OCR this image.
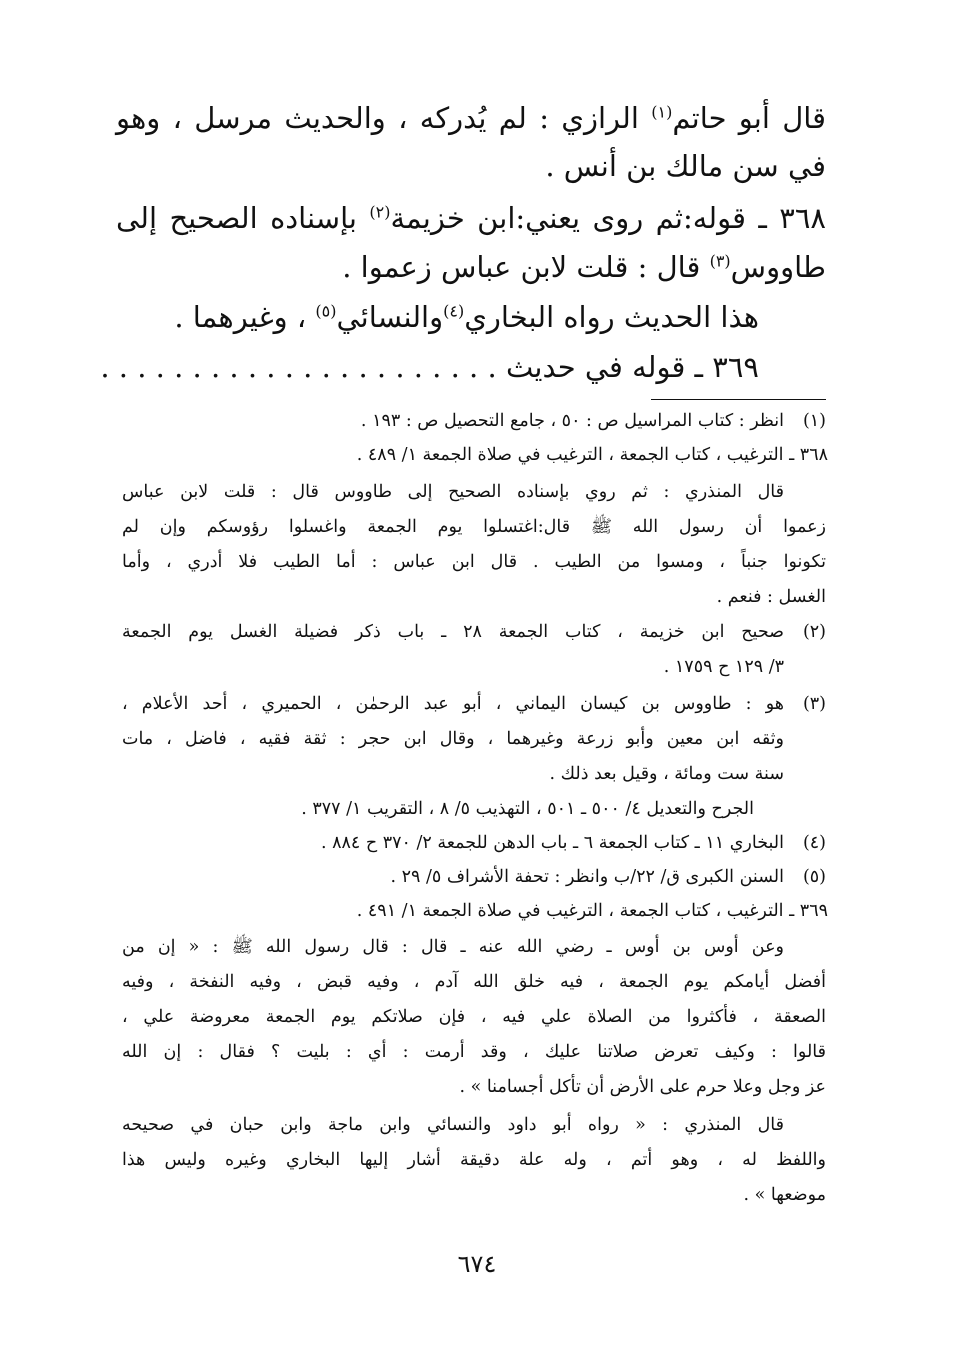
قال أبو حاتم$^{(١)}$ الرازي : لم يُدركه ، والحديث مرسل ، وهو
في سن مالك بن أنس .
٣٦٨ ـ قوله:ثم روى يعني:ابن خزيمة$^{(٢)}$ بإسناده الصحيح إلى
طاووس$^{(٣)}$ قال : قلت لابن عباس زعموا .
هذا الحديث رواه البخاري$^{(٤)}$والنسائي$^{(٥)}$ ، وغيرهما .
٣٦٩ ـ قوله في حديث . . . . . . . . . . . . . . . . . . . . . .
(١)انظر : كتاب المراسيل ص : ٥٠ ، جامع التحصيل ص : ١٩٣ .
٣٦٨ ـ الترغيب ، كتاب الجمعة ، الترغيب في صلاة الجمعة ١/ ٤٨٩ .
قال المنذري : ثم روي بإسناده الصحيح إلى طاووس قال : قلت لابن عباس
زعموا أن رسول الله ﷺ قال:اغتسلوا يوم الجمعة واغسلوا رؤوسكم وإن لم
تكونوا جنباً ، ومسوا من الطيب . قال ابن عباس : أما الطيب فلا أدري ، وأما
الغسل : فنعم .
(٢)صحيح ابن خزيمة ، كتاب الجمعة ٢٨ ـ باب ذكر فضيلة الغسل يوم الجمعة
٣/ ١٢٩ ح ١٧٥٩ .
(٣)هو : طاووس بن كيسان اليماني ، أبو عبد الرحمٰن ، الحميري ، أحد الأعلام ،
وثقه ابن معين وأبو زرعة وغيرهما ، وقال ابن حجر : ثقة فقيه ، فاضل ، مات
سنة ست ومائة ، وقيل بعد ذلك .
الجرح والتعديل ٤/ ٥٠٠ ـ ٥٠١ ، التهذيب ٥/ ٨ ، التقريب ١/ ٣٧٧ .
(٤)البخاري ١١ ـ كتاب الجمعة ٦ ـ باب الدهن للجمعة ٢/ ٣٧٠ ح ٨٨٤ .
(٥)السنن الكبرى ق/ ٢٢/ب وانظر : تحفة الأشراف ٥/ ٢٩ .
٣٦٩ ـ الترغيب ، كتاب الجمعة ، الترغيب في صلاة الجمعة ١/ ٤٩١ .
وعن أوس بن أوس ـ رضي الله عنه ـ قال : قال رسول الله ﷺ : « إن من
أفضل أيامكم يوم الجمعة ، فيه خلق الله آدم ، وفيه قبض ، وفيه النفخة ، وفيه
الصعقة ، فأكثروا من الصلاة علي فيه ، فإن صلاتكم يوم الجمعة معروضة علي ،
قالوا : وكيف تعرض صلاتنا عليك ، وقد أرمت : أي : بليت ؟ فقال : إن الله
عز وجل وعلا حرم على الأرض أن تأكل أجسامنا » .
قال المنذري : « رواه أبو داود والنسائي وابن ماجة وابن حبان في صحيحه
واللفظ له ، وهو أتم ، وله علة دقيقة أشار إليها البخاري وغيره وليس هذا
موضعها » .
٦٧٤
